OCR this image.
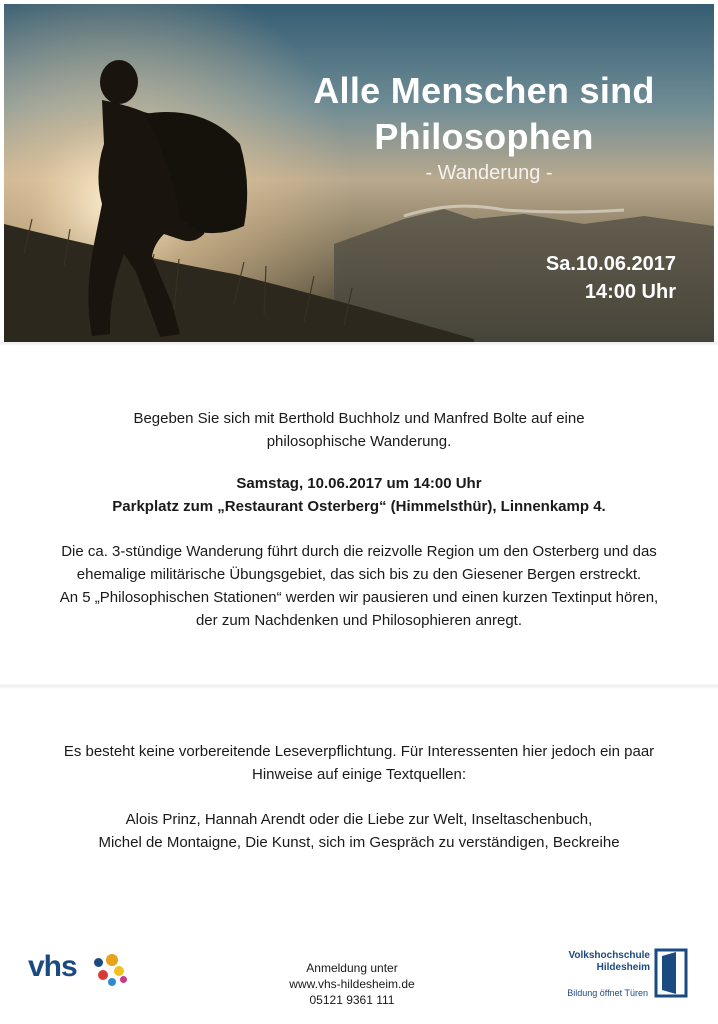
Alle Menschen sind
Philosophen
- Wanderung -
Sa.10.06.2017
14:00 Uhr
Begeben Sie sich mit Berthold Buchholz und Manfred Bolte auf eine
philosophische Wanderung.
Samstag, 10.06.2017 um 14:00 Uhr
Parkplatz zum „Restaurant Osterberg“ (Himmelsthür), Linnenkamp 4.
Die ca. 3-stündige Wanderung führt durch die reizvolle Region um den Osterberg und das
ehemalige militärische Übungsgebiet, das sich bis zu den Giesener Bergen erstreckt.
An 5 „Philosophischen Stationen“ werden wir pausieren und einen kurzen Textinput hören,
der zum Nachdenken und Philosophieren anregt.
Es besteht keine vorbereitende Leseverpflichtung. Für Interessenten hier jedoch ein paar
Hinweise auf einige Textquellen:
Alois Prinz, Hannah Arendt oder die Liebe zur Welt, Inseltaschenbuch,
Michel de Montaigne, Die Kunst, sich im Gespräch zu verständigen, Beckreihe
vhs	Anmeldung unter
www.vhs-hildesheim.de
05121 9361 111
Volkshochschule
Hildesheim
Bildung öffnet Türen
